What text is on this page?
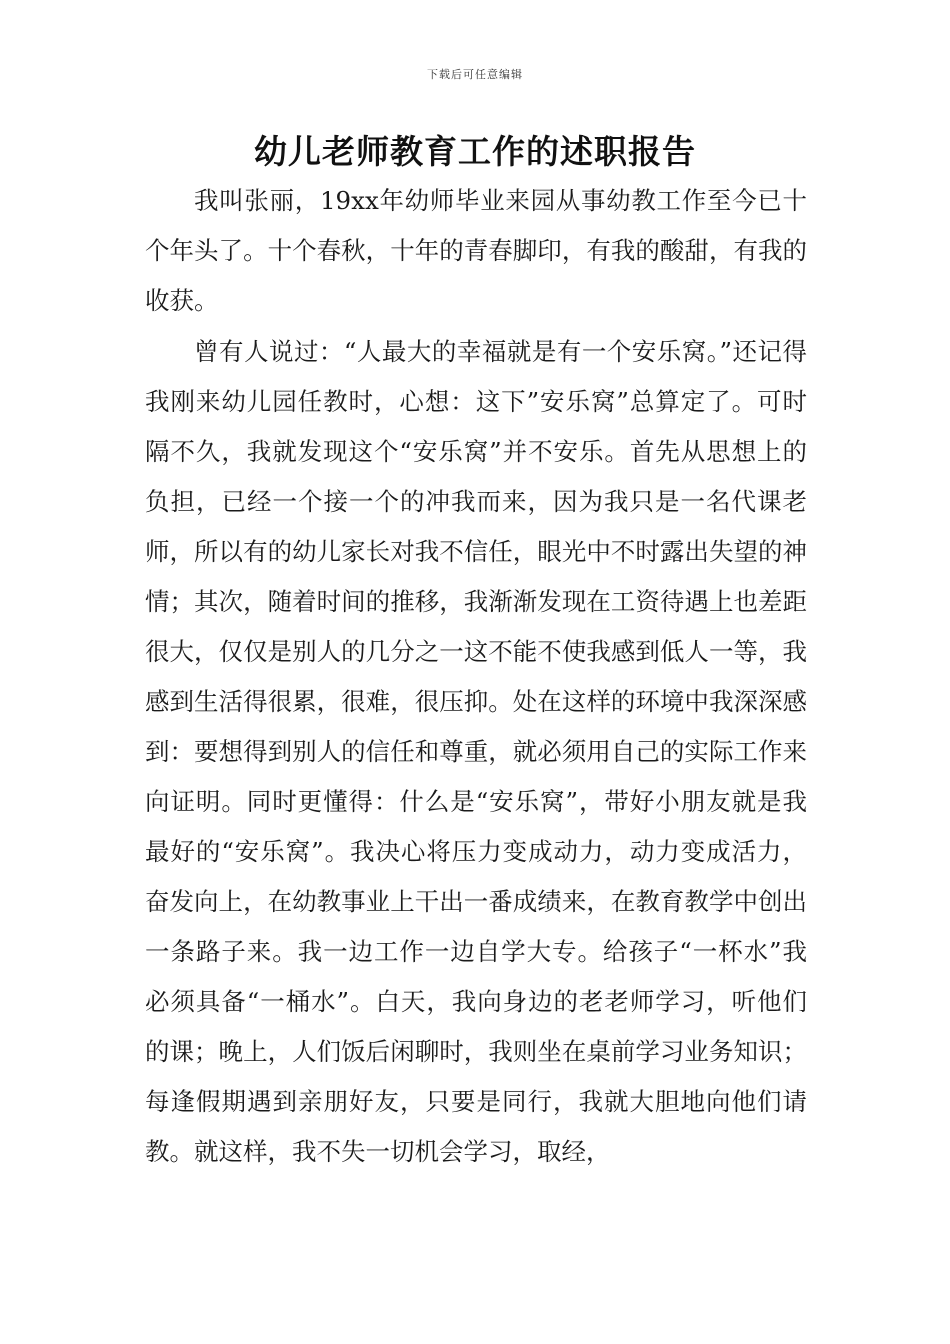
下载后可任意编辑
幼儿老师教育工作的述职报告

我叫张丽，19xx年幼师毕业来园从事幼教工作至今已十个年头了。十个春秋，十年的青春脚印，有我的酸甜，有我的收获。

曾有人说过：“人最大的幸福就是有一个安乐窝。”还记得我刚来幼儿园任教时，心想：这下”安乐窝”总算定了。可时隔不久，我就发现这个“安乐窝”并不安乐。首先从思想上的负担，已经一个接一个的冲我而来，因为我只是一名代课老师，所以有的幼儿家长对我不信任，眼光中不时露出失望的神情；其次，随着时间的推移，我渐渐发现在工资待遇上也差距很大，仅仅是别人的几分之一这不能不使我感到低人一等，我感到生活得很累，很难，很压抑。处在这样的环境中我深深感到：要想得到别人的信任和尊重，就必须用自己的实际工作来向证明。同时更懂得：什么是“安乐窝”，带好小朋友就是我最好的“安乐窝”。我决心将压力变成动力，动力变成活力，奋发向上，在幼教事业上干出一番成绩来，在教育教学中创出一条路子来。我一边工作一边自学大专。给孩子“一杯水”我必须具备“一桶水”。白天，我向身边的老老师学习，听他们的课；晚上，人们饭后闲聊时，我则坐在桌前学习业务知识；每逢假期遇到亲朋好友，只要是同行，我就大胆地向他们请教。就这样，我不失一切机会学习，取经，
